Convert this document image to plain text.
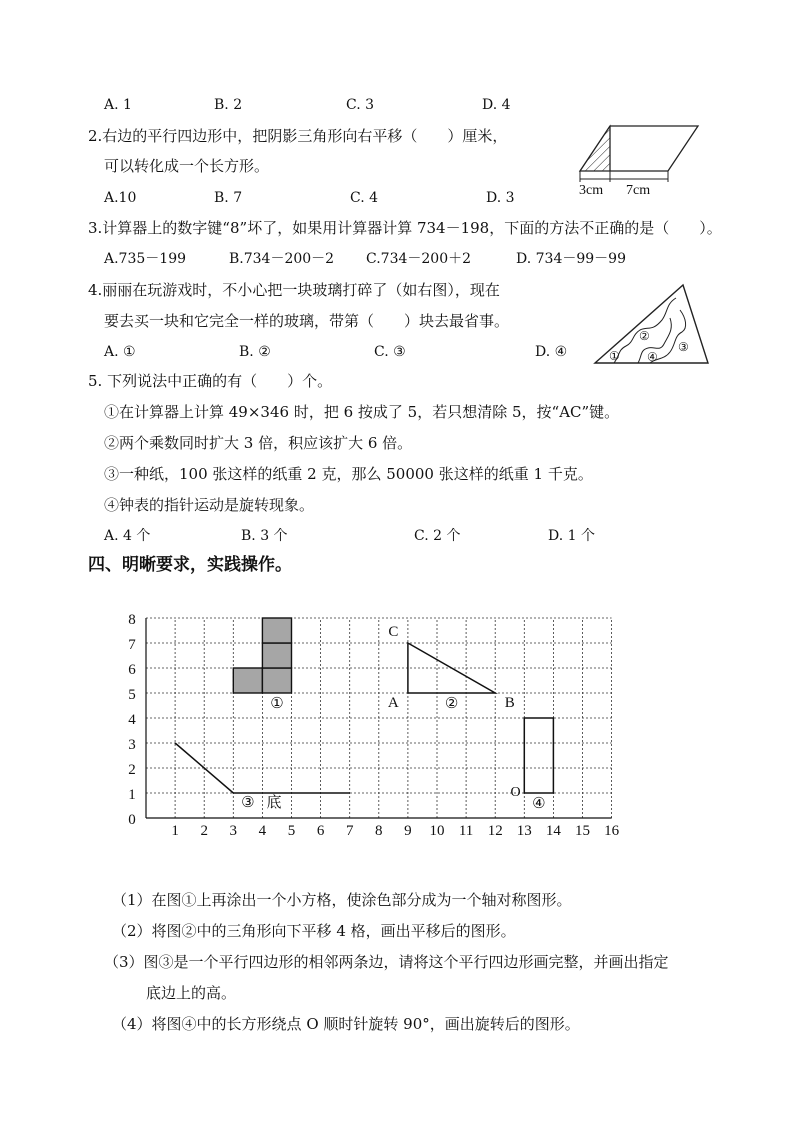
A. 1	B. 2	C. 3	D. 4
2.右边的平行四边形中，把阴影三角形向右平移（　　）厘米，
可以转化成一个长方形。
A.10	B. 7	C. 4	D. 3	3cm 7cm
3.计算器上的数字键“8”坏了，如果用计算器计算 734－198，下面的方法不正确的是（　　）。
A.735－199	B.734－200－2 C.734－200＋2	D. 734－99－99
4.丽丽在玩游戏时，不小心把一块玻璃打碎了（如右图），现在
要去买一块和它完全一样的玻璃，带第（　　）块去最省事。
A. ①	B. ②	C. ③	D. ④	①
②
③
④
5. 下列说法中正确的有（　　）个。
①在计算器上计算 49×346 时，把 6 按成了 5，若只想清除 5，按“AC”键。
②两个乘数同时扩大 3 倍，积应该扩大 6 倍。
③一种纸，100 张这样的纸重 2 克，那么 50000 张这样的纸重 1 千克。
④钟表的指针运动是旋转现象。
A. 4 个	B. 3 个	C. 2 个	D. 1 个
四、明晰要求，实践操作。
1 2 3 4 5 6 7 8 9 10 11 12 13 14 15 16
0
1
2
3
4
5
6
7
8
①
C
A	B
②
③ 底
O
④
（1）在图①上再涂出一个小方格，使涂色部分成为一个轴对称图形。
（2）将图②中的三角形向下平移 4 格，画出平移后的图形。
（3）图③是一个平行四边形的相邻两条边，请将这个平行四边形画完整，并画出指定
底边上的高。
（4）将图④中的长方形绕点 O 顺时针旋转 90°，画出旋转后的图形。
